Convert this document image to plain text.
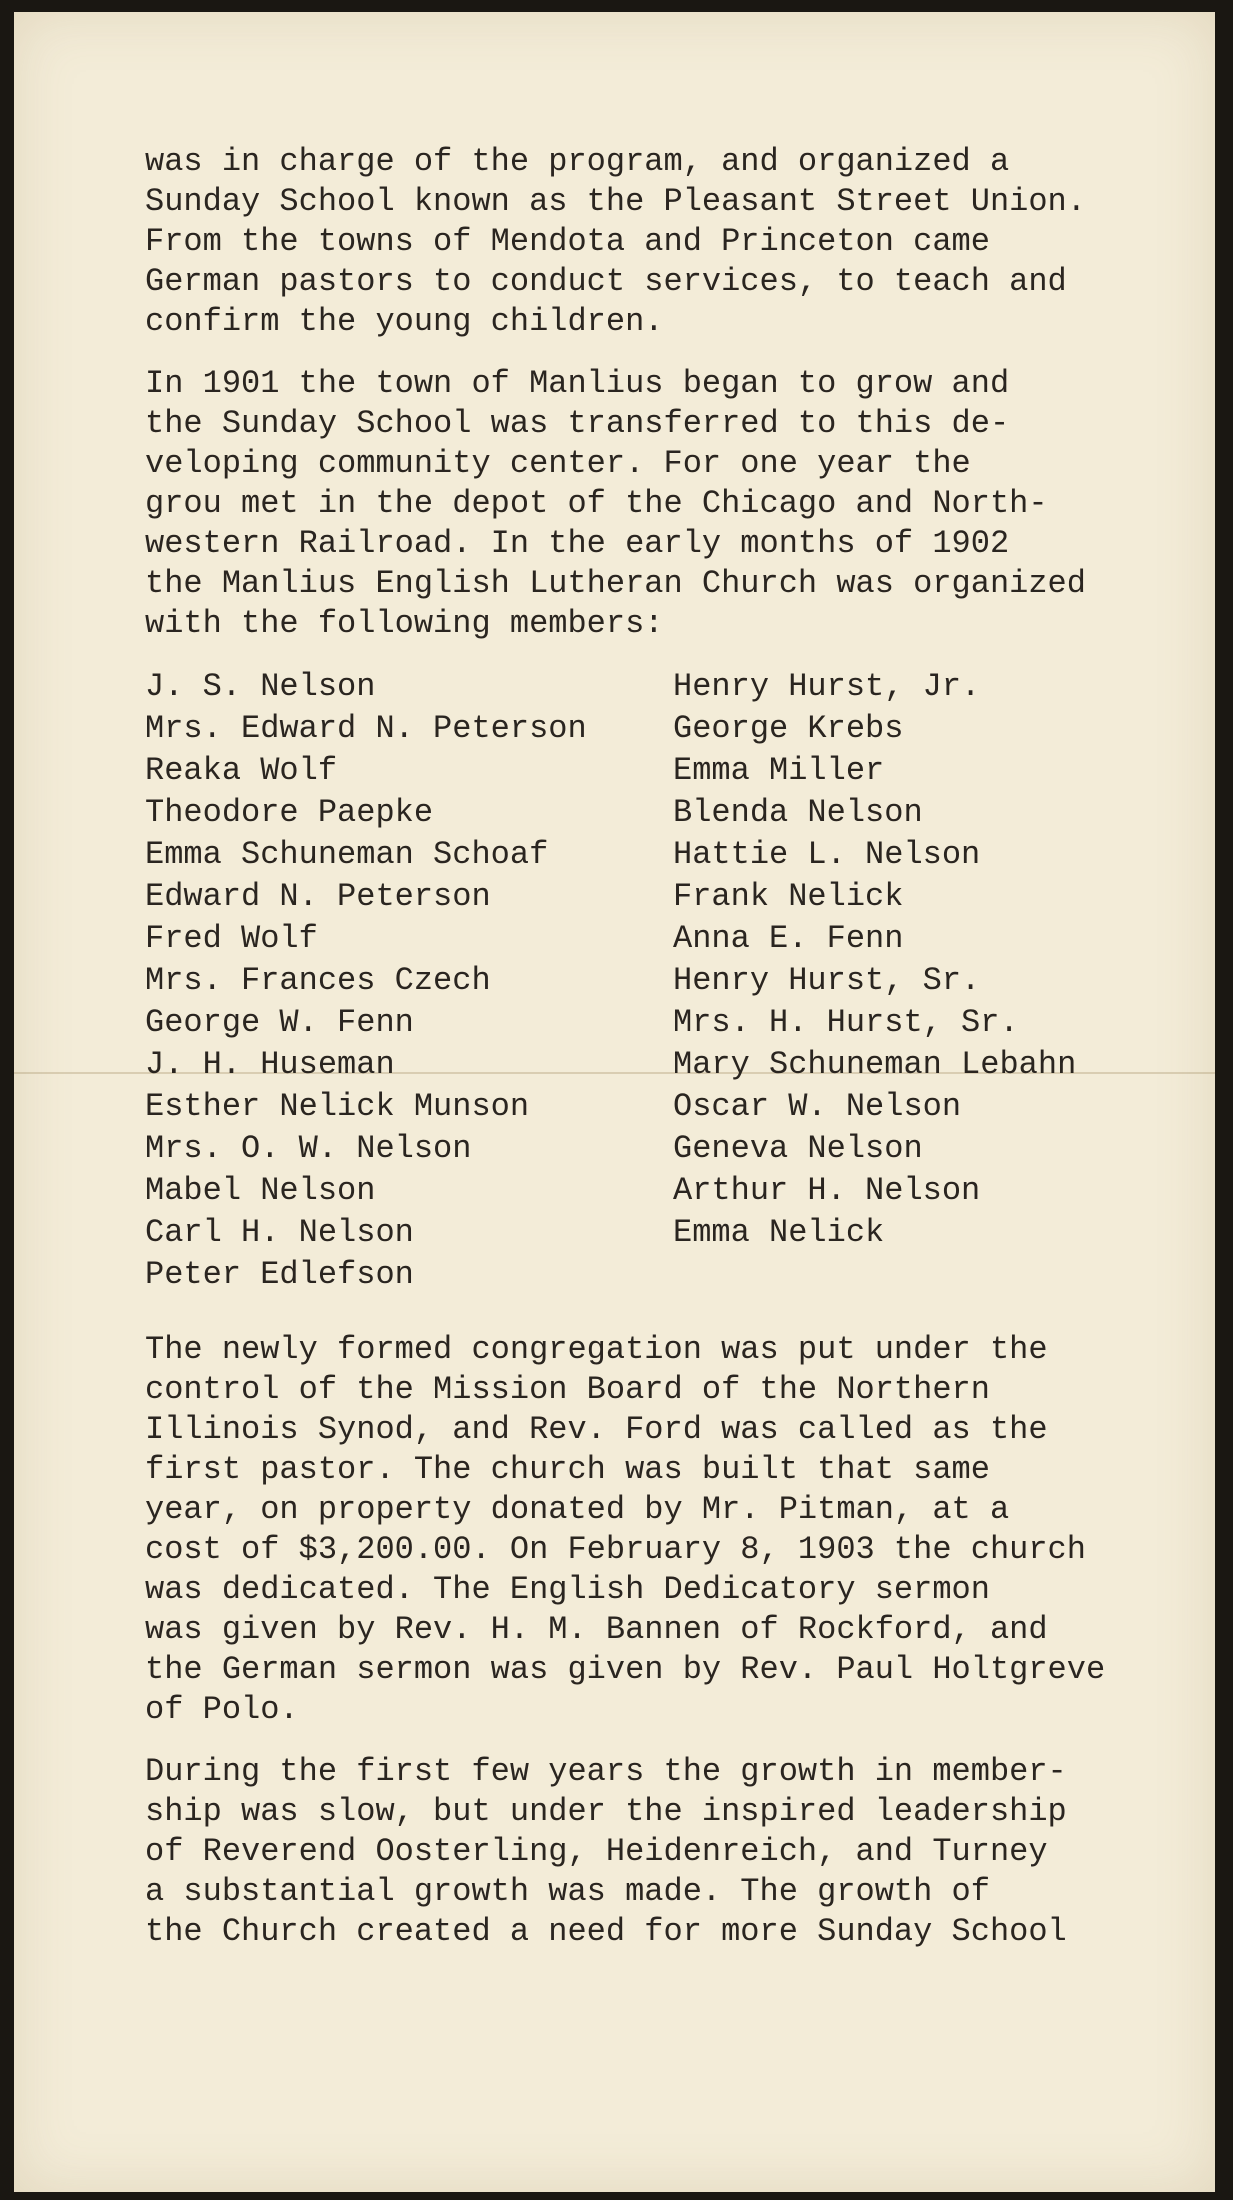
was in charge of the program, and organized a
Sunday School known as the Pleasant Street Union.
From the towns of Mendota and Princeton came
German pastors to conduct services, to teach and
confirm the young children.

In 1901 the town of Manlius began to grow and
the Sunday School was transferred to this de-
veloping community center. For one year the
grou met in the depot of the Chicago and North-
western Railroad. In the early months of 1902
the Manlius English Lutheran Church was organized
with the following members:

J. S. Nelson
Mrs. Edward N. Peterson
Reaka Wolf
Theodore Paepke
Emma Schuneman Schoaf
Edward N. Peterson
Fred Wolf
Mrs. Frances Czech
George W. Fenn
J. H. Huseman
Esther Nelick Munson
Mrs. O. W. Nelson
Mabel Nelson
Carl H. Nelson
Peter Edlefson
Henry Hurst, Jr.
George Krebs
Emma Miller
Blenda Nelson
Hattie L. Nelson
Frank Nelick
Anna E. Fenn
Henry Hurst, Sr.
Mrs. H. Hurst, Sr.
Mary Schuneman Lebahn
Oscar W. Nelson
Geneva Nelson
Arthur H. Nelson
Emma Nelick

The newly formed congregation was put under the
control of the Mission Board of the Northern
Illinois Synod, and Rev. Ford was called as the
first pastor. The church was built that same
year, on property donated by Mr. Pitman, at a
cost of $3,200.00. On February 8, 1903 the church
was dedicated. The English Dedicatory sermon
was given by Rev. H. M. Bannen of Rockford, and
the German sermon was given by Rev. Paul Holtgreve
of Polo.

During the first few years the growth in member-
ship was slow, but under the inspired leadership
of Reverend Oosterling, Heidenreich, and Turney
a substantial growth was made. The growth of
the Church created a need for more Sunday School
